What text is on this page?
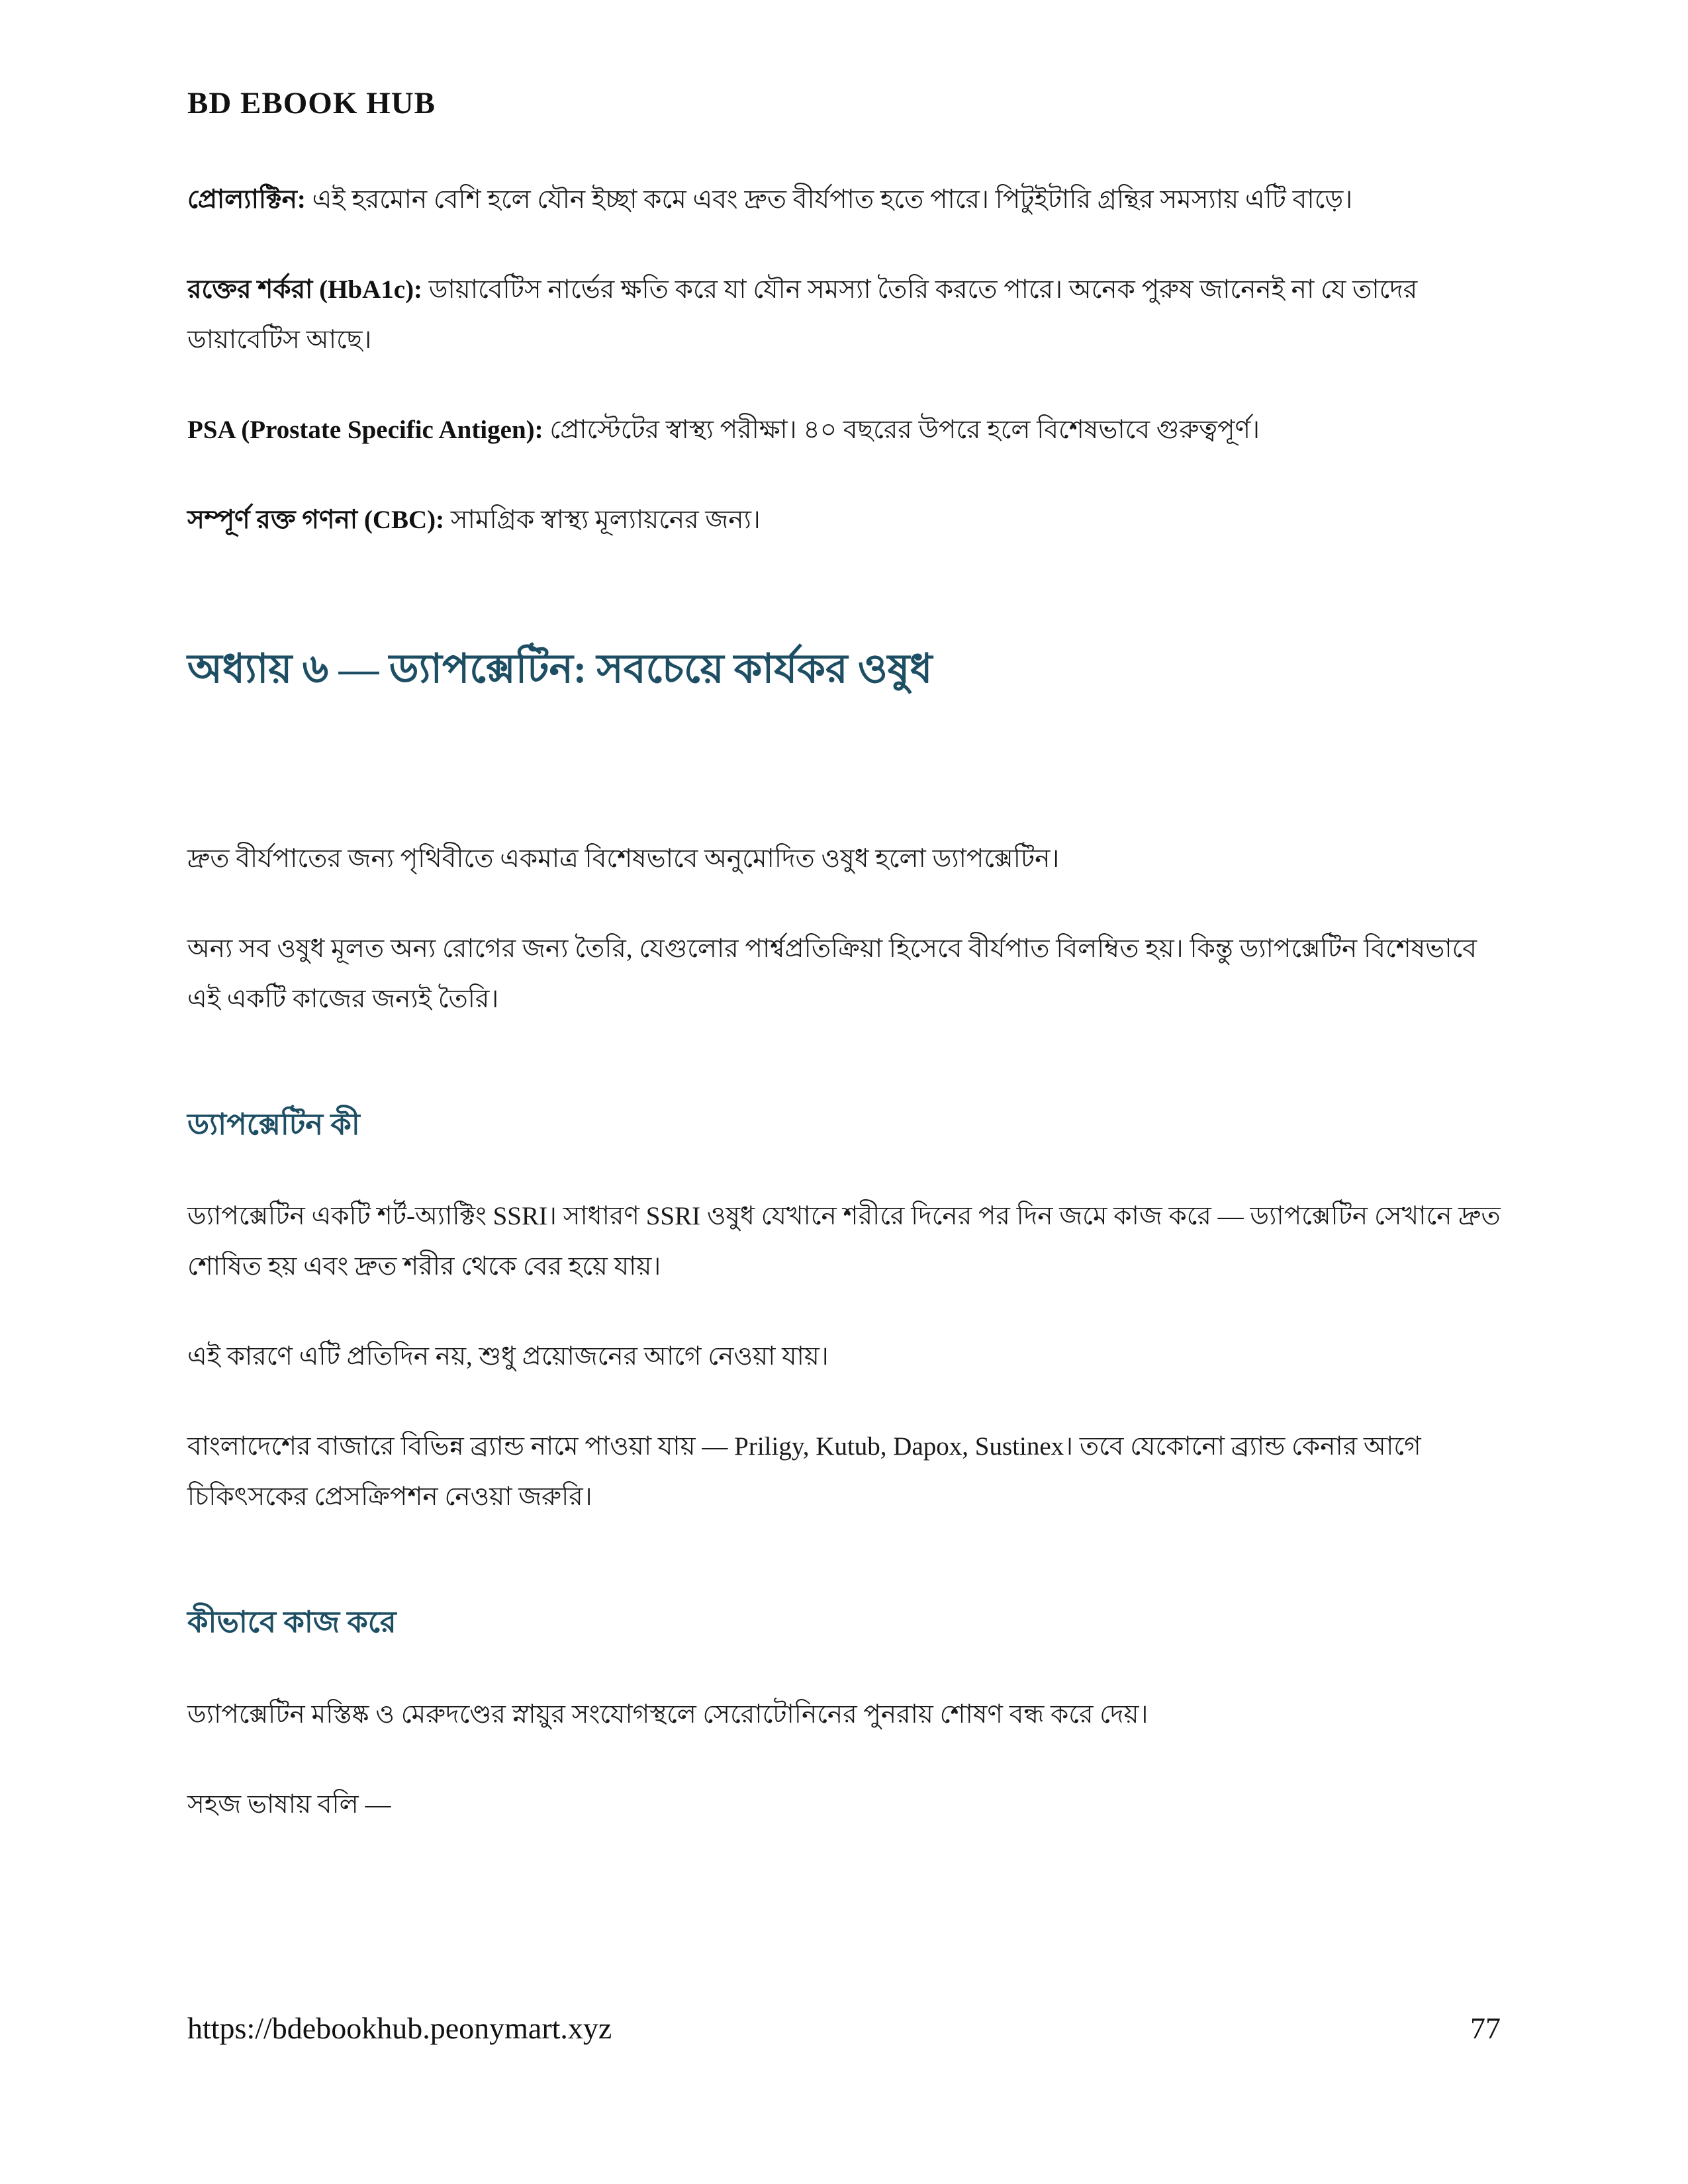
BD EBOOK HUB

প্রোল্যাক্টিন: এই হরমোন বেশি হলে যৌন ইচ্ছা কমে এবং দ্রুত বীর্যপাত হতে পারে। পিটুইটারি গ্রন্থির সমস্যায় এটি বাড়ে।

রক্তের শর্করা (HbA1c): ডায়াবেটিস নার্ভের ক্ষতি করে যা যৌন সমস্যা তৈরি করতে পারে। অনেক পুরুষ জানেনই না যে তাদের ডায়াবেটিস আছে।

PSA (Prostate Specific Antigen): প্রোস্টেটের স্বাস্থ্য পরীক্ষা। ৪০ বছরের উপরে হলে বিশেষভাবে গুরুত্বপূর্ণ।

সম্পূর্ণ রক্ত গণনা (CBC): সামগ্রিক স্বাস্থ্য মূল্যায়নের জন্য।

অধ্যায় ৬ — ড্যাপক্সেটিন: সবচেয়ে কার্যকর ওষুধ

দ্রুত বীর্যপাতের জন্য পৃথিবীতে একমাত্র বিশেষভাবে অনুমোদিত ওষুধ হলো ড্যাপক্সেটিন।

অন্য সব ওষুধ মূলত অন্য রোগের জন্য তৈরি, যেগুলোর পার্শ্বপ্রতিক্রিয়া হিসেবে বীর্যপাত বিলম্বিত হয়। কিন্তু ড্যাপক্সেটিন বিশেষভাবে এই একটি কাজের জন্যই তৈরি।

ড্যাপক্সেটিন কী

ড্যাপক্সেটিন একটি শর্ট-অ্যাক্টিং SSRI। সাধারণ SSRI ওষুধ যেখানে শরীরে দিনের পর দিন জমে কাজ করে — ড্যাপক্সেটিন সেখানে দ্রুত শোষিত হয় এবং দ্রুত শরীর থেকে বের হয়ে যায়।

এই কারণে এটি প্রতিদিন নয়, শুধু প্রয়োজনের আগে নেওয়া যায়।

বাংলাদেশের বাজারে বিভিন্ন ব্র্যান্ড নামে পাওয়া যায় — Priligy, Kutub, Dapox, Sustinex। তবে যেকোনো ব্র্যান্ড কেনার আগে চিকিৎসকের প্রেসক্রিপশন নেওয়া জরুরি।

কীভাবে কাজ করে

ড্যাপক্সেটিন মস্তিষ্ক ও মেরুদণ্ডের স্নায়ুর সংযোগস্থলে সেরোটোনিনের পুনরায় শোষণ বন্ধ করে দেয়।

সহজ ভাষায় বলি —

https://bdebookhub.peonymart.xyz	77
